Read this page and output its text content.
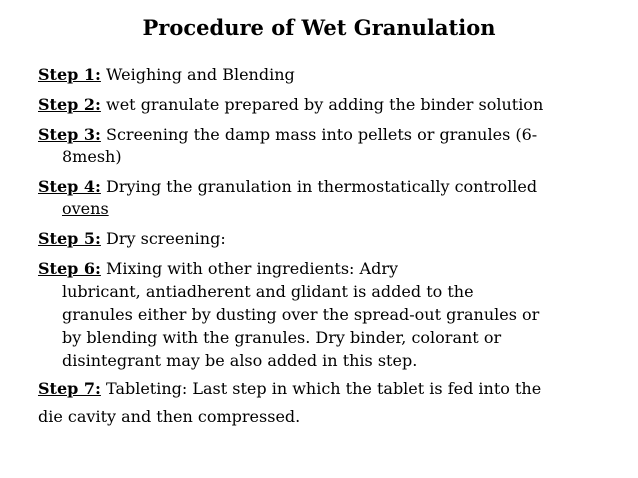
Procedure of Wet Granulation
Step 1: Weighing and Blending
Step 2: wet granulate prepared by adding the binder solution
Step 3: Screening the damp mass into pellets or granules (6-
8mesh)
Step 4: Drying the granulation in thermostatically controlled
ovens
Step 5: Dry screening:
Step 6: Mixing with other ingredients: Adry
lubricant, antiadherent and glidant is added to the
granules either by dusting over the spread-out granules or
by blending with the granules. Dry binder, colorant or
disintegrant may be also added in this step.
Step 7: Tableting: Last step in which the tablet is fed into the
die cavity and then compressed.
